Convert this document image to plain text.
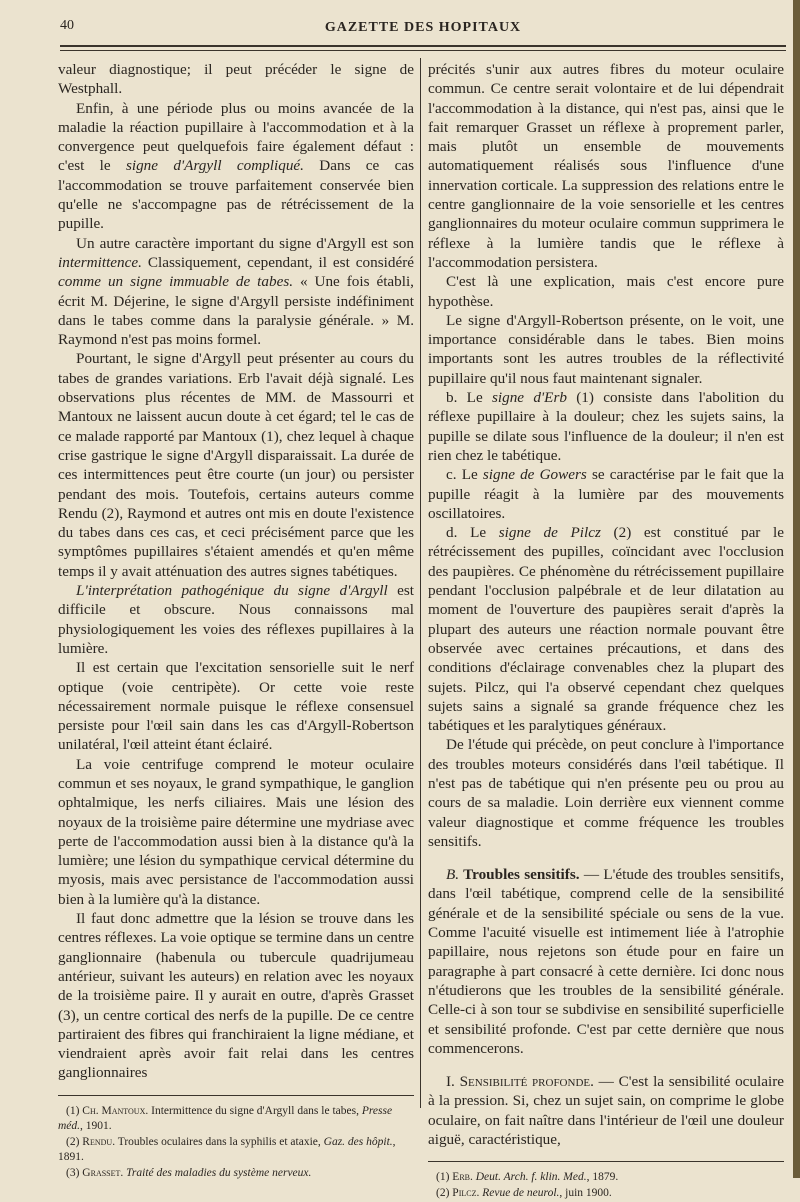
40	GAZETTE DES HOPITAUX

valeur diagnostique; il peut précéder le signe de Westphall.

Enfin, à une période plus ou moins avancée de la maladie la réaction pupillaire à l'accommodation et à la convergence peut quelquefois faire également défaut : c'est le signe d'Argyll compliqué. Dans ce cas l'accommodation se trouve parfaitement conservée bien qu'elle ne s'accompagne pas de rétrécissement de la pupille.

Un autre caractère important du signe d'Argyll est son intermittence. Classiquement, cependant, il est considéré comme un signe immuable de tabes. « Une fois établi, écrit M. Déjerine, le signe d'Argyll persiste indéfiniment dans le tabes comme dans la paralysie générale. » M. Raymond n'est pas moins formel.

Pourtant, le signe d'Argyll peut présenter au cours du tabes de grandes variations. Erb l'avait déjà signalé. Les observations plus récentes de MM. de Massourri et Mantoux ne laissent aucun doute à cet égard; tel le cas de ce malade rapporté par Mantoux (1), chez lequel à chaque crise gastrique le signe d'Argyll disparaissait. La durée de ces intermittences peut être courte (un jour) ou persister pendant des mois. Toutefois, certains auteurs comme Rendu (2), Raymond et autres ont mis en doute l'existence du tabes dans ces cas, et ceci précisément parce que les symptômes pupillaires s'étaient amendés et qu'en même temps il y avait atténuation des autres signes tabétiques.

L'interprétation pathogénique du signe d'Argyll est difficile et obscure. Nous connaissons mal physiologiquement les voies des réflexes pupillaires à la lumière.

Il est certain que l'excitation sensorielle suit le nerf optique (voie centripète). Or cette voie reste nécessairement normale puisque le réflexe consensuel persiste pour l'œil sain dans les cas d'Argyll-Robertson unilatéral, l'œil atteint étant éclairé.

La voie centrifuge comprend le moteur oculaire commun et ses noyaux, le grand sympathique, le ganglion ophtalmique, les nerfs ciliaires. Mais une lésion des noyaux de la troisième paire détermine une mydriase avec perte de l'accommodation aussi bien à la distance qu'à la lumière; une lésion du sympathique cervical détermine du myosis, mais avec persistance de l'accommodation aussi bien à la lumière qu'à la distance.

Il faut donc admettre que la lésion se trouve dans les centres réflexes. La voie optique se termine dans un centre ganglionnaire (habenula ou tubercule quadrijumeau antérieur, suivant les auteurs) en relation avec les noyaux de la troisième paire. Il y aurait en outre, d'après Grasset (3), un centre cortical des nerfs de la pupille. De ce centre partiraient des fibres qui franchiraient la ligne médiane, et viendraient après avoir fait relai dans les centres ganglionnaires

(1) Ch. Mantoux. Intermittence du signe d'Argyll dans le tabes, Presse méd., 1901.

(2) Rendu. Troubles oculaires dans la syphilis et ataxie, Gaz. des hôpit., 1891.

(3) Grasset. Traité des maladies du système nerveux.

précités s'unir aux autres fibres du moteur oculaire commun. Ce centre serait volontaire et de lui dépendrait l'accommodation à la distance, qui n'est pas, ainsi que le fait remarquer Grasset un réflexe à proprement parler, mais plutôt un ensemble de mouvements automatiquement réalisés sous l'influence d'une innervation corticale. La suppression des relations entre le centre ganglionnaire de la voie sensorielle et les centres ganglionnaires du moteur oculaire commun supprimera le réflexe à la lumière tandis que le réflexe à l'accommodation persistera.

C'est là une explication, mais c'est encore pure hypothèse.

Le signe d'Argyll-Robertson présente, on le voit, une importance considérable dans le tabes. Bien moins importants sont les autres troubles de la réflectivité pupillaire qu'il nous faut maintenant signaler.

b. Le signe d'Erb (1) consiste dans l'abolition du réflexe pupillaire à la douleur; chez les sujets sains, la pupille se dilate sous l'influence de la douleur; il n'en est rien chez le tabétique.

c. Le signe de Gowers se caractérise par le fait que la pupille réagit à la lumière par des mouvements oscillatoires.

d. Le signe de Pilcz (2) est constitué par le rétrécissement des pupilles, coïncidant avec l'occlusion des paupières. Ce phénomène du rétrécissement pupillaire pendant l'occlusion palpébrale et de leur dilatation au moment de l'ouverture des paupières serait d'après la plupart des auteurs une réaction normale pouvant être observée avec certaines précautions, et dans des conditions d'éclairage convenables chez la plupart des sujets. Pilcz, qui l'a observé cependant chez quelques sujets sains a signalé sa grande fréquence chez les tabétiques et les paralytiques généraux.

De l'étude qui précède, on peut conclure à l'importance des troubles moteurs considérés dans l'œil tabétique. Il n'est pas de tabétique qui n'en présente peu ou prou au cours de sa maladie. Loin derrière eux viennent comme valeur diagnostique et comme fréquence les troubles sensitifs.

B. Troubles sensitifs. — L'étude des troubles sensitifs, dans l'œil tabétique, comprend celle de la sensibilité générale et de la sensibilité spéciale ou sens de la vue. Comme l'acuité visuelle est intimement liée à l'atrophie papillaire, nous rejetons son étude pour en faire un paragraphe à part consacré à cette dernière. Ici donc nous n'étudierons que les troubles de la sensibilité générale. Celle-ci à son tour se subdivise en sensibilité superficielle et sensibilité profonde. C'est par cette dernière que nous commencerons.

I. Sensibilité profonde. — C'est la sensibilité oculaire à la pression. Si, chez un sujet sain, on comprime le globe oculaire, on fait naître dans l'intérieur de l'œil une douleur aiguë, caractéristique,

(1) Erb. Deut. Arch. f. klin. Med., 1879.

(2) Pilcz. Revue de neurol., juin 1900.
